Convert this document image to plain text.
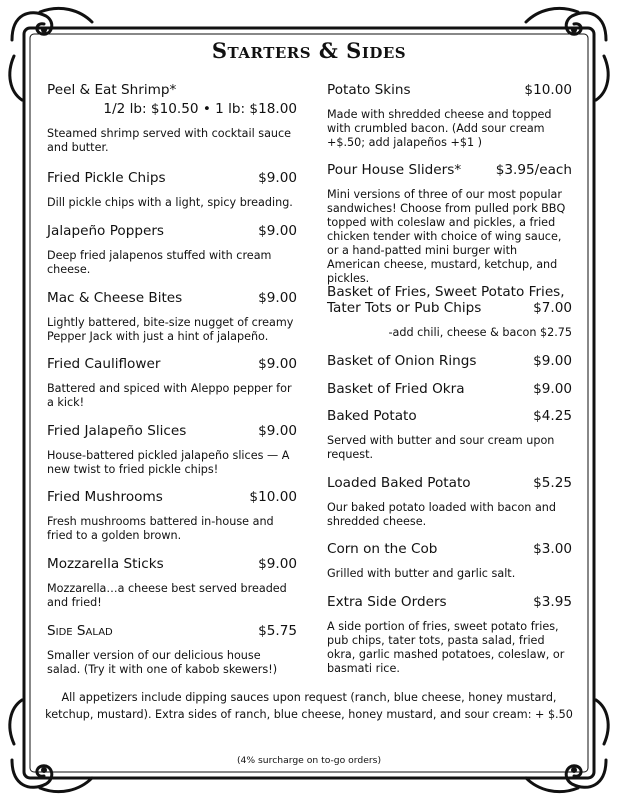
Starters & Sides
Peel & Eat Shrimp*
1/2 lb: $10.50 • 1 lb: $18.00
Steamed shrimp served with cocktail sauce and butter.
Fried Pickle Chips	$9.00
Dill pickle chips with a light, spicy breading.
Jalapeño Poppers	$9.00
Deep fried jalapenos stuffed with cream cheese.
Mac & Cheese Bites	$9.00
Lightly battered, bite-size nugget of creamy Pepper Jack with just a hint of jalapeño.
Fried Cauliflower	$9.00
Battered and spiced with Aleppo pepper for a kick!
Fried Jalapeño Slices	$9.00
House-battered pickled jalapeño slices — A new twist to fried pickle chips!
Fried Mushrooms	$10.00
Fresh mushrooms battered in-house and fried to a golden brown.
Mozzarella Sticks	$9.00
Mozzarella…a cheese best served breaded and fried!
Side Salad	$5.75
Smaller version of our delicious house salad. (Try it with one of kabob skewers!)
Potato Skins	$10.00
Made with shredded cheese and topped with crumbled bacon. (Add sour cream +$.50; add jalapeños +$1 )
Pour House Sliders*	$3.95/each
Mini versions of three of our most popular sandwiches! Choose from pulled pork BBQ topped with coleslaw and pickles, a fried chicken tender with choice of wing sauce, or a hand-patted mini burger with American cheese, mustard, ketchup, and pickles.
Basket of Fries, Sweet Potato Fries,
Tater Tots or Pub Chips	$7.00
-add chili, cheese & bacon $2.75
Basket of Onion Rings	$9.00
Basket of Fried Okra	$9.00
Baked Potato	$4.25
Served with butter and sour cream upon request.
Loaded Baked Potato	$5.25
Our baked potato loaded with bacon and shredded cheese.
Corn on the Cob	$3.00
Grilled with butter and garlic salt.
Extra Side Orders	$3.95
A side portion of fries, sweet potato fries, pub chips, tater tots, pasta salad, fried okra, garlic mashed potatoes, coleslaw, or basmati rice.
All appetizers include dipping sauces upon request (ranch, blue cheese, honey mustard, ketchup, mustard). Extra sides of ranch, blue cheese, honey mustard, and sour cream: + $.50
(4% surcharge on to-go orders)
